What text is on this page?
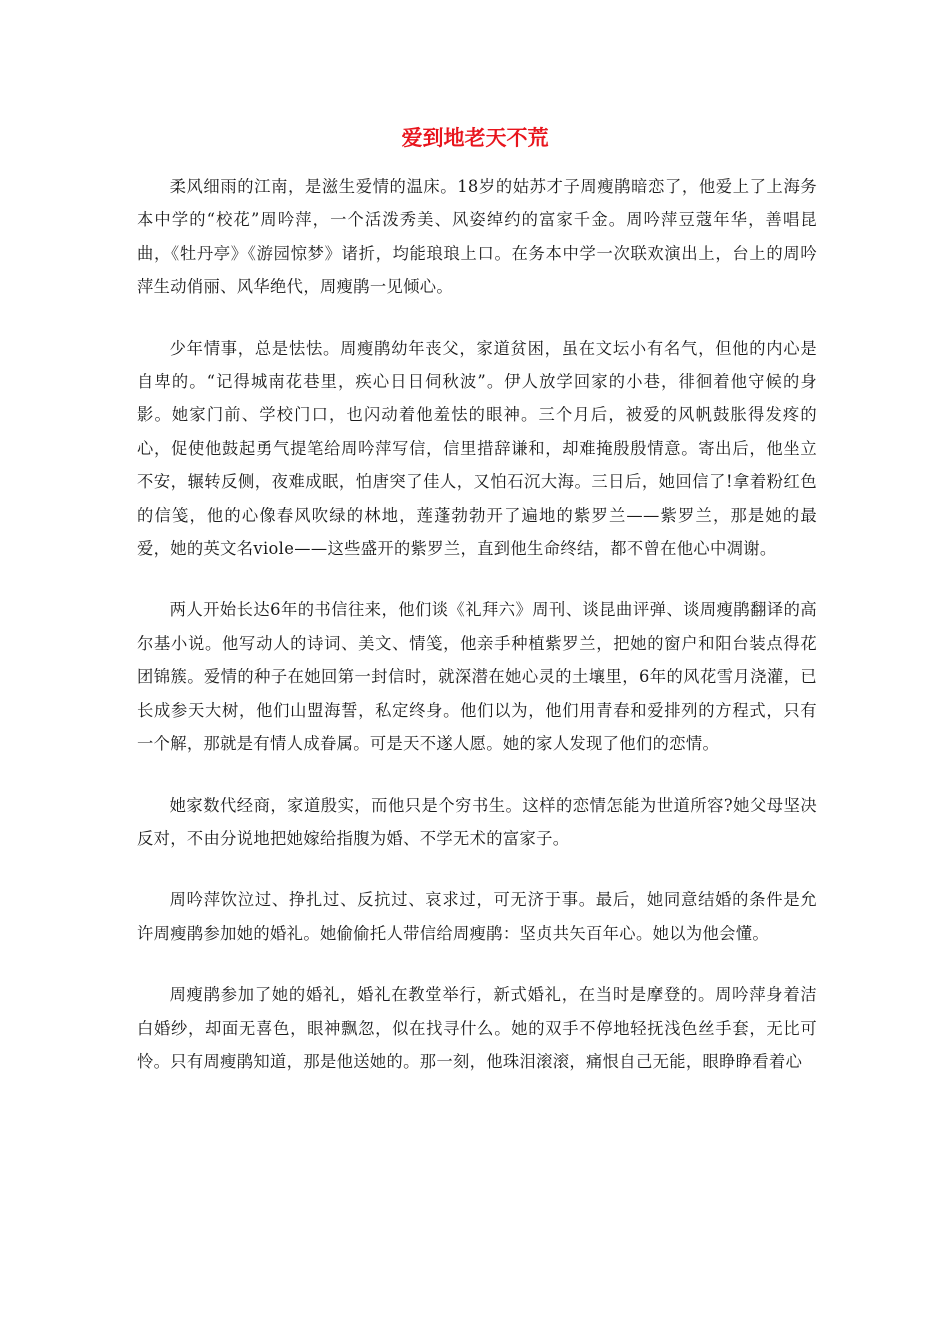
爱到地老天不荒

柔风细雨的江南，是滋生爱情的温床。18岁的姑苏才子周瘦鹃暗恋了，他爱上了上海务本中学的“校花”周吟萍，一个活泼秀美、风姿绰约的富家千金。周吟萍豆蔻年华，善唱昆曲，《牡丹亭》《游园惊梦》诸折，均能琅琅上口。在务本中学一次联欢演出上，台上的周吟萍生动俏丽、风华绝代，周瘦鹃一见倾心。

少年情事，总是怯怯。周瘦鹃幼年丧父，家道贫困，虽在文坛小有名气，但他的内心是自卑的。“记得城南花巷里，疾心日日伺秋波”。伊人放学回家的小巷，徘徊着他守候的身影。她家门前、学校门口，也闪动着他羞怯的眼神。三个月后，被爱的风帆鼓胀得发疼的心，促使他鼓起勇气提笔给周吟萍写信，信里措辞谦和，却难掩殷殷情意。寄出后，他坐立不安，辗转反侧，夜难成眠，怕唐突了佳人，又怕石沉大海。三日后，她回信了!拿着粉红色的信笺，他的心像春风吹绿的林地，莲蓬勃勃开了遍地的紫罗兰——紫罗兰，那是她的最爱，她的英文名viole——这些盛开的紫罗兰，直到他生命终结，都不曾在他心中凋谢。

两人开始长达6年的书信往来，他们谈《礼拜六》周刊、谈昆曲评弹、谈周瘦鹃翻译的高尔基小说。他写动人的诗词、美文、情笺，他亲手种植紫罗兰，把她的窗户和阳台装点得花团锦簇。爱情的种子在她回第一封信时，就深潜在她心灵的土壤里，6年的风花雪月浇灌，已长成参天大树，他们山盟海誓，私定终身。他们以为，他们用青春和爱排列的方程式，只有一个解，那就是有情人成眷属。可是天不遂人愿。她的家人发现了他们的恋情。

她家数代经商，家道殷实，而他只是个穷书生。这样的恋情怎能为世道所容?她父母坚决反对，不由分说地把她嫁给指腹为婚、不学无术的富家子。

周吟萍饮泣过、挣扎过、反抗过、哀求过，可无济于事。最后，她同意结婚的条件是允许周瘦鹃参加她的婚礼。她偷偷托人带信给周瘦鹃：坚贞共矢百年心。她以为他会懂。

周瘦鹃参加了她的婚礼，婚礼在教堂举行，新式婚礼，在当时是摩登的。周吟萍身着洁白婚纱，却面无喜色，眼神飘忽，似在找寻什么。她的双手不停地轻抚浅色丝手套，无比可怜。只有周瘦鹃知道，那是他送她的。那一刻，他珠泪滚滚，痛恨自己无能，眼睁睁看着心
